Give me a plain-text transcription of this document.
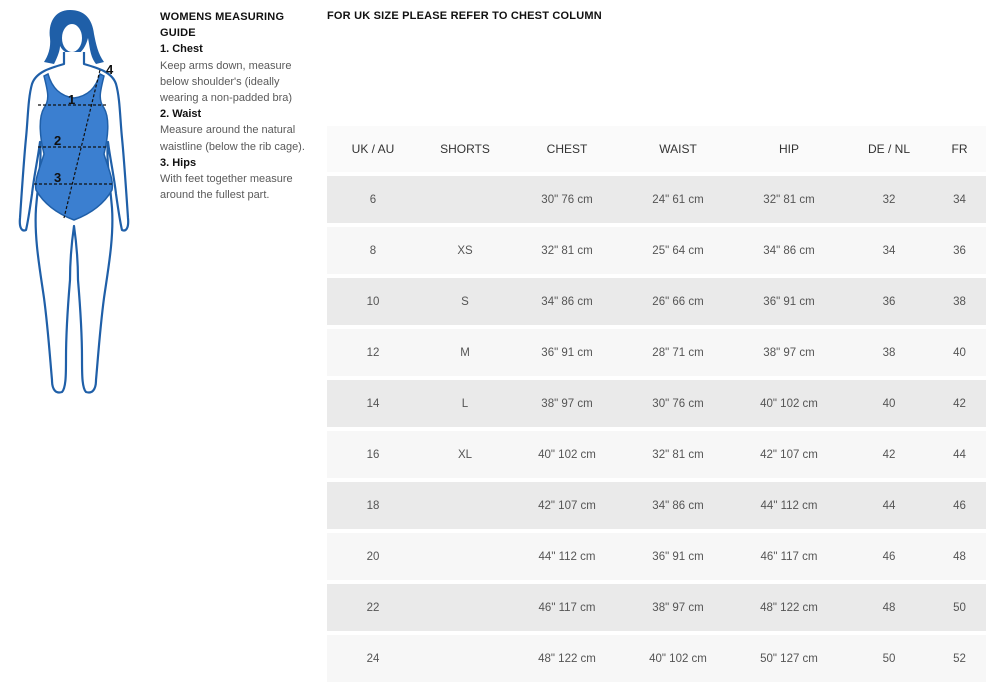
1
2
3
4

WOMENS MEASURING GUIDE

1. Chest

Keep arms down, measure below shoulder's (ideally wearing a non-padded bra)

2. Waist

Measure around the natural waistline (below the rib cage).

3. Hips

With feet together measure around the fullest part.

FOR UK SIZE PLEASE REFER TO CHEST COLUMN
UK / AU	SHORTS	CHEST	WAIST	HIP	DE / NL	FR
6		30" 76 cm	24" 61 cm	32" 81 cm	32	34
8	XS	32" 81 cm	25" 64 cm	34" 86 cm	34	36
10	S	34" 86 cm	26" 66 cm	36" 91 cm	36	38
12	M	36" 91 cm	28" 71 cm	38" 97 cm	38	40
14	L	38" 97 cm	30" 76 cm	40" 102 cm	40	42
16	XL	40" 102 cm	32" 81 cm	42" 107 cm	42	44
18		42" 107 cm	34" 86 cm	44" 112 cm	44	46
20		44" 112 cm	36" 91 cm	46" 117 cm	46	48
22		46" 117 cm	38" 97 cm	48" 122 cm	48	50
24		48" 122 cm	40" 102 cm	50" 127 cm	50	52
